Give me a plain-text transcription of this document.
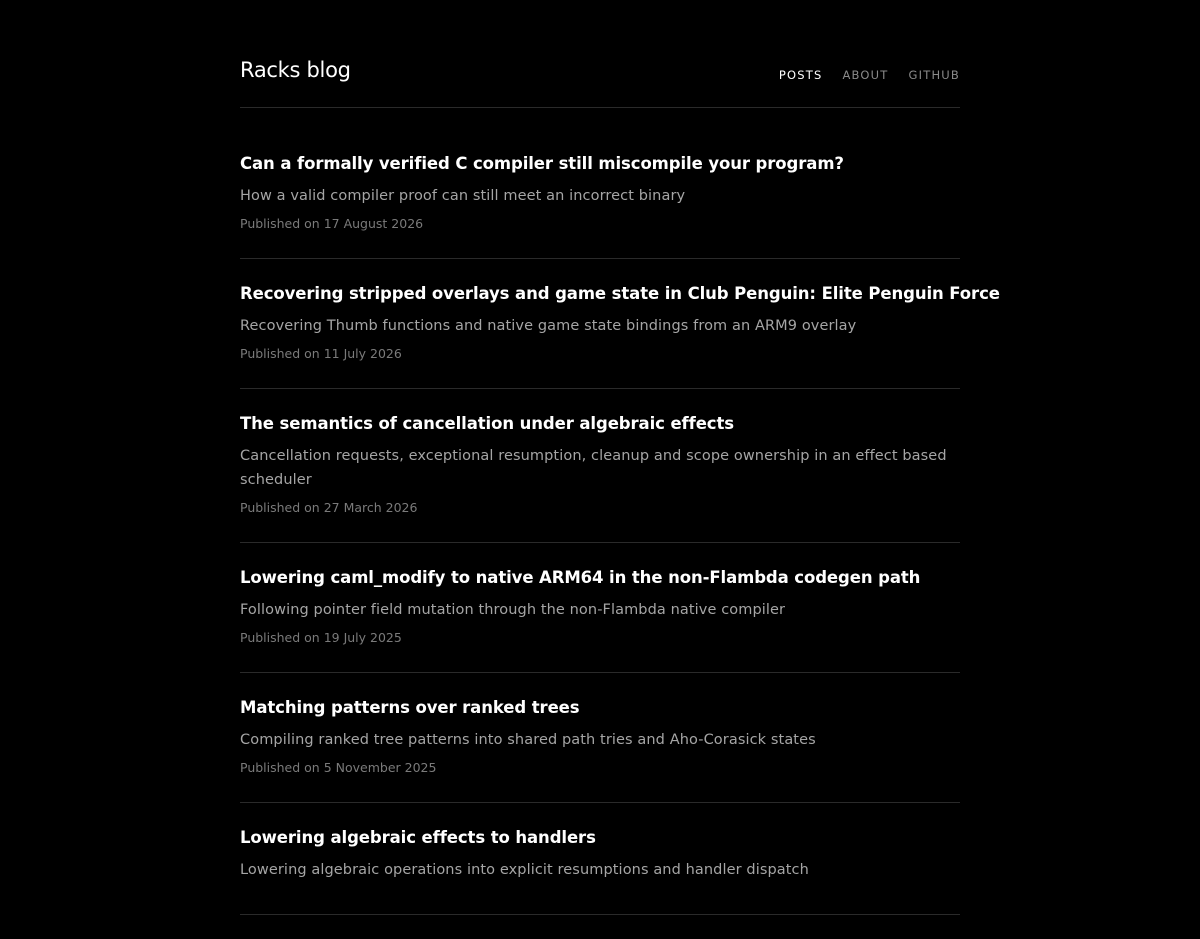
Racks blog	POSTS ABOUT GITHUB
Can a formally verified C compiler still miscompile your program?
How a valid compiler proof can still meet an incorrect binary
Published on 17 August 2026
Recovering stripped overlays and game state in Club Penguin: Elite Penguin Force
Recovering Thumb functions and native game state bindings from an ARM9 overlay
Published on 11 July 2026
The semantics of cancellation under algebraic effects
Cancellation requests, exceptional resumption, cleanup and scope ownership in an effect based scheduler
Published on 27 March 2026
Lowering caml_modify to native ARM64 in the non-Flambda codegen path
Following pointer field mutation through the non-Flambda native compiler
Published on 19 July 2025
Matching patterns over ranked trees
Compiling ranked tree patterns into shared path tries and Aho-Corasick states
Published on 5 November 2025
Lowering algebraic effects to handlers
Lowering algebraic operations into explicit resumptions and handler dispatch
